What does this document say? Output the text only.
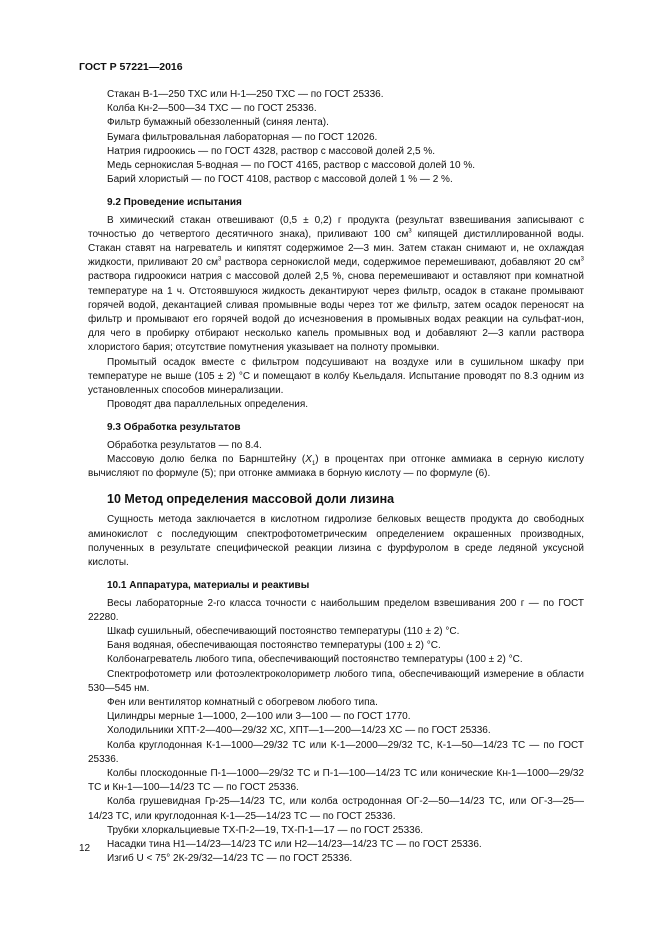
ГОСТ Р 57221—2016

Стакан В-1—250 ТХС или Н-1—250 ТХС — по ГОСТ 25336.

Колба Кн-2—500—34 ТХС — по ГОСТ 25336.

Фильтр бумажный обеззоленный (синяя лента).

Бумага фильтровальная лабораторная — по ГОСТ 12026.

Натрия гидроокись — по ГОСТ 4328, раствор с массовой долей 2,5 %.

Медь сернокислая 5-водная — по ГОСТ 4165, раствор с массовой долей 10 %.

Барий хлористый — по ГОСТ 4108, раствор с массовой долей 1 % — 2 %.

9.2 Проведение испытания

В химический стакан отвешивают (0,5 ± 0,2) г продукта (результат взвешивания записывают с точностью до четвертого десятичного знака), приливают 100 $см^3$ кипящей дистиллированной воды. Стакан ставят на нагреватель и кипятят содержимое 2—3 мин. Затем стакан снимают и, не охлаждая жидкости, приливают 20 $см^3$ раствора сернокислой меди, содержимое перемешивают, добавляют 20 $см^3$ раствора гидроокиси натрия с массовой долей 2,5 %, снова перемешивают и оставляют при комнатной температуре на 1 ч. Отстоявшуюся жидкость декантируют через фильтр, осадок в стакане промывают горячей водой, декантацией сливая промывные воды через тот же фильтр, затем осадок переносят на фильтр и промывают его горячей водой до исчезновения в промывных водах реакции на сульфат-ион, для чего в пробирку отбирают несколько капель промывных вод и добавляют 2—3 капли раствора хлористого бария; отсутствие помутнения указывает на полноту промывки.

Промытый осадок вместе с фильтром подсушивают на воздухе или в сушильном шкафу при температуре не выше (105 ± 2) °С и помещают в колбу Кьельдаля. Испытание проводят по 8.3 одним из установленных способов минерализации.

Проводят два параллельных определения.

9.3 Обработка результатов

Обработка результатов — по 8.4.

Массовую долю белка по Барнштейну $(X_1)$ в процентах при отгонке аммиака в серную кислоту вычисляют по формуле (5); при отгонке аммиака в борную кислоту — по формуле (6).

10 Метод определения массовой доли лизина

Сущность метода заключается в кислотном гидролизе белковых веществ продукта до свободных аминокислот с последующим спектрофотометрическим определением окрашенных производных, полученных в результате специфической реакции лизина с фурфуролом в среде ледяной уксусной кислоты.

10.1 Аппаратура, материалы и реактивы

Весы лабораторные 2-го класса точности с наибольшим пределом взвешивания 200 г — по ГОСТ 22280.

Шкаф сушильный, обеспечивающий постоянство температуры (110 ± 2) °С.

Баня водяная, обеспечивающая постоянство температуры (100 ± 2) °С.

Колбонагреватель любого типа, обеспечивающий постоянство температуры (100 ± 2) °С.

Спектрофотометр или фотоэлектроколориметр любого типа, обеспечивающий измерение в области 530—545 нм.

Фен или вентилятор комнатный с обогревом любого типа.

Цилиндры мерные 1—1000, 2—100 или 3—100 — по ГОСТ 1770.

Холодильники ХПТ-2—400—29/32 ХС, ХПТ—1—200—14/23 ХС — по ГОСТ 25336.

Колба круглодонная К-1—1000—29/32 ТС или К-1—2000—29/32 ТС, К-1—50—14/23 ТС — по ГОСТ 25336.

Колбы плоскодонные П-1—1000—29/32 ТС и П-1—100—14/23 ТС или конические Кн-1—1000—29/32 ТС и Кн-1—100—14/23 ТС — по ГОСТ 25336.

Колба грушевидная Гр-25—14/23 ТС, или колба остродонная ОГ-2—50—14/23 ТС, или ОГ-3—25—14/23 ТС, или круглодонная К-1—25—14/23 ТС — по ГОСТ 25336.

Трубки хлоркальциевые ТХ-П-2—19, ТХ-П-1—17 — по ГОСТ 25336.

Насадки тина Н1—14/23—14/23 ТС или Н2—14/23—14/23 ТС — по ГОСТ 25336.

Изгиб U < 75° 2К-29/32—14/23 ТС — по ГОСТ 25336.

12
